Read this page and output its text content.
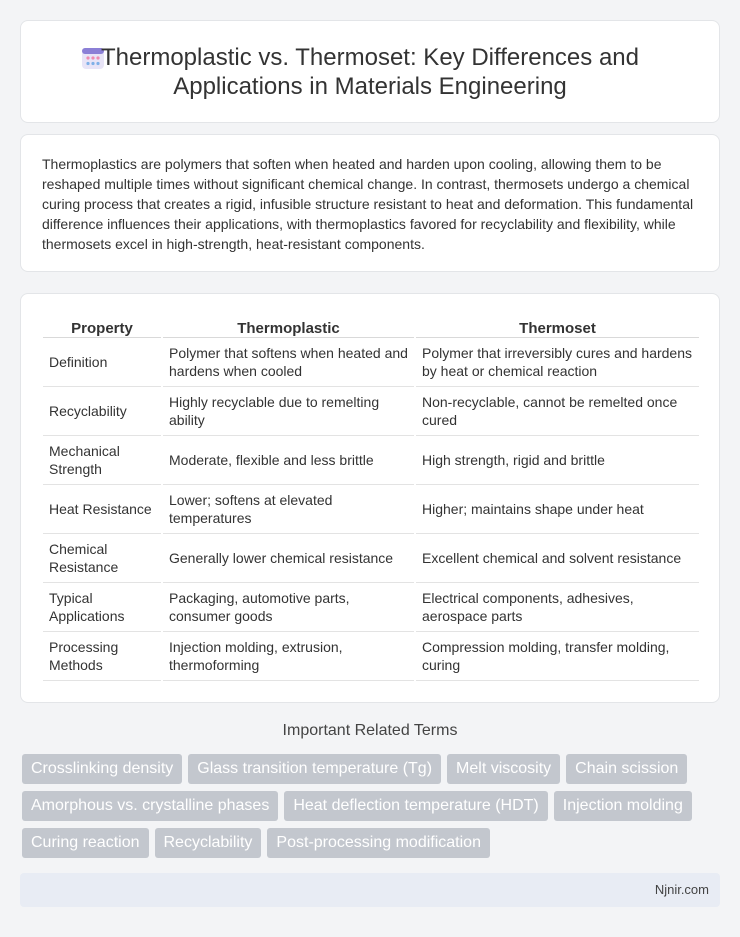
Thermoplastic vs. Thermoset: Key Differences and
Applications in Materials Engineering

Thermoplastics are polymers that soften when heated and harden upon cooling, allowing them to be reshaped multiple times without significant chemical change. In contrast, thermosets undergo a chemical curing process that creates a rigid, infusible structure resistant to heat and deformation. This fundamental difference influences their applications, with thermoplastics favored for recyclability and flexibility, while thermosets excel in high-strength, heat-resistant components.

Property	Thermoplastic	Thermoset
Definition	Polymer that softens when heated and hardens when cooled	Polymer that irreversibly cures and hardens by heat or chemical reaction
Recyclability	Highly recyclable due to remelting ability	Non-recyclable, cannot be remelted once cured
Mechanical Strength	Moderate, flexible and less brittle	High strength, rigid and brittle
Heat Resistance	Lower; softens at elevated temperatures	Higher; maintains shape under heat
Chemical Resistance	Generally lower chemical resistance	Excellent chemical and solvent resistance
Typical Applications	Packaging, automotive parts, consumer goods	Electrical components, adhesives, aerospace parts
Processing Methods	Injection molding, extrusion, thermoforming	Compression molding, transfer molding, curing
Important Related Terms
Crosslinking density	Glass transition temperature (Tg)	Melt viscosity	Chain scission
Amorphous vs. crystalline phases	Heat deflection temperature (HDT)	Injection molding
Curing reaction	Recyclability	Post-processing modification
Njnir.com
